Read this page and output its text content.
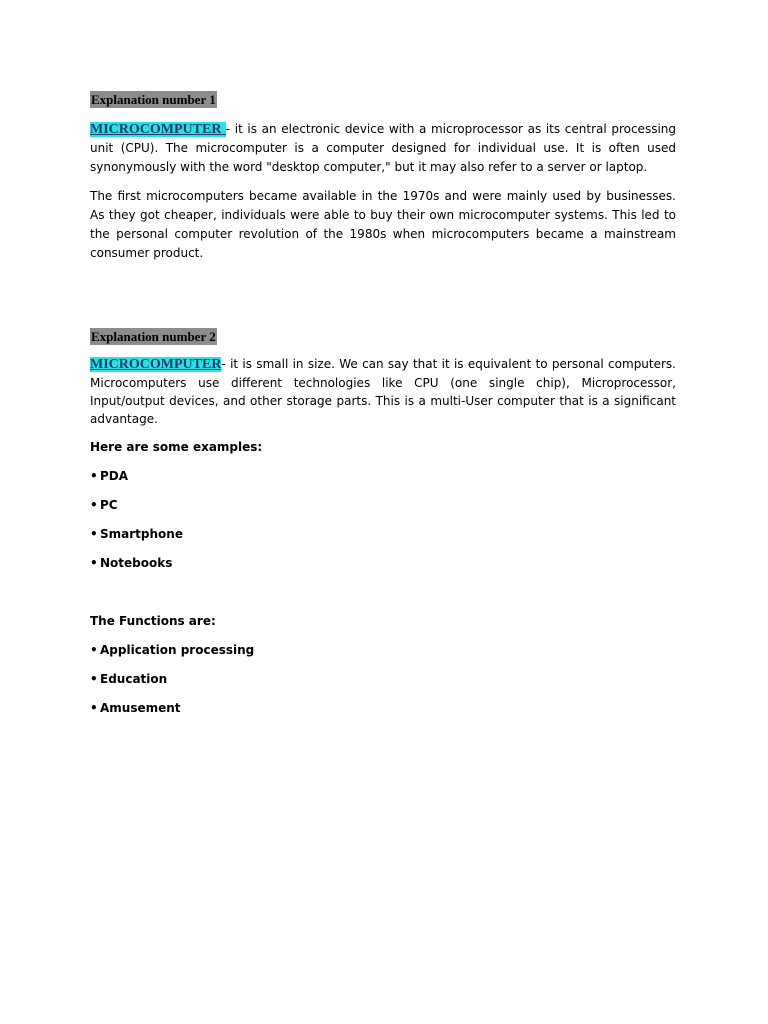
Explanation number 1

MICROCOMPUTER - it is an electronic device with a microprocessor as its central processing unit (CPU). The microcomputer is a computer designed for individual use. It is often used synonymously with the word "desktop computer," but it may also refer to a server or laptop.

The first microcomputers became available in the 1970s and were mainly used by businesses. As they got cheaper, individuals were able to buy their own microcomputer systems. This led to the personal computer revolution of the 1980s when microcomputers became a mainstream consumer product.

Explanation number 2

MICROCOMPUTER- it is small in size. We can say that it is equivalent to personal computers. Microcomputers use different technologies like CPU (one single chip), Microprocessor, Input/output devices, and other storage parts. This is a multi-User computer that is a significant advantage.

Here are some examples:

• PDA

• PC

• Smartphone

• Notebooks

The Functions are:

• Application processing

• Education

• Amusement
